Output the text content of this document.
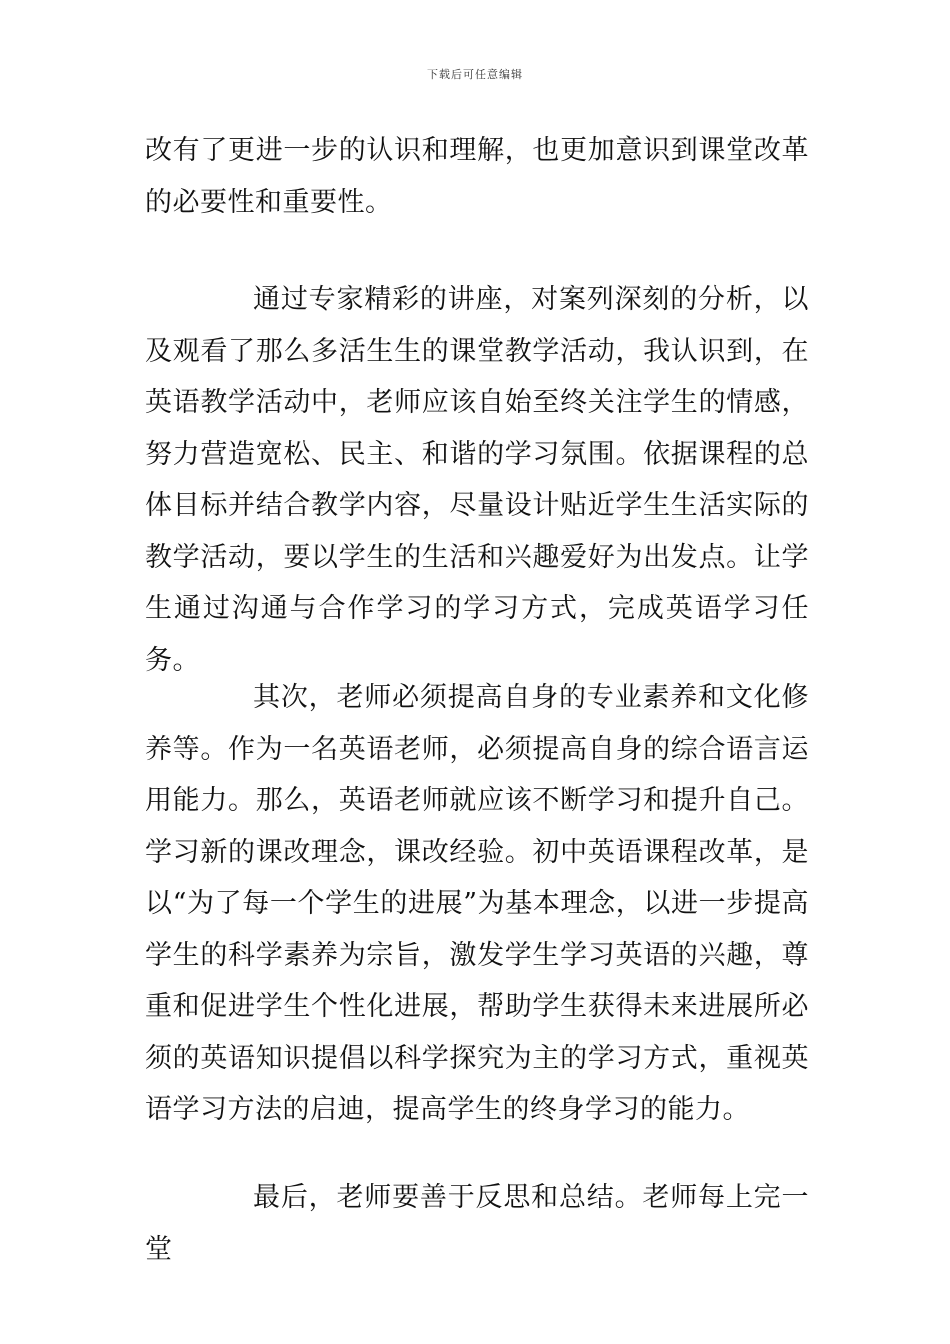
下载后可任意编辑

改有了更进一步的认识和理解，也更加意识到课堂改革的必要性和重要性。

通过专家精彩的讲座，对案列深刻的分析，以及观看了那么多活生生的课堂教学活动，我认识到，在英语教学活动中，老师应该自始至终关注学生的情感，努力营造宽松、民主、和谐的学习氛围。依据课程的总体目标并结合教学内容，尽量设计贴近学生生活实际的教学活动，要以学生的生活和兴趣爱好为出发点。让学生通过沟通与合作学习的学习方式，完成英语学习任务。

其次，老师必须提高自身的专业素养和文化修养等。作为一名英语老师，必须提高自身的综合语言运用能力。那么，英语老师就应该不断学习和提升自己。学习新的课改理念，课改经验。初中英语课程改革，是以“为了每一个学生的进展”为基本理念，以进一步提高学生的科学素养为宗旨，激发学生学习英语的兴趣，尊重和促进学生个性化进展，帮助学生获得未来进展所必须的英语知识提倡以科学探究为主的学习方式，重视英语学习方法的启迪，提高学生的终身学习的能力。

最后，老师要善于反思和总结。老师每上完一堂
